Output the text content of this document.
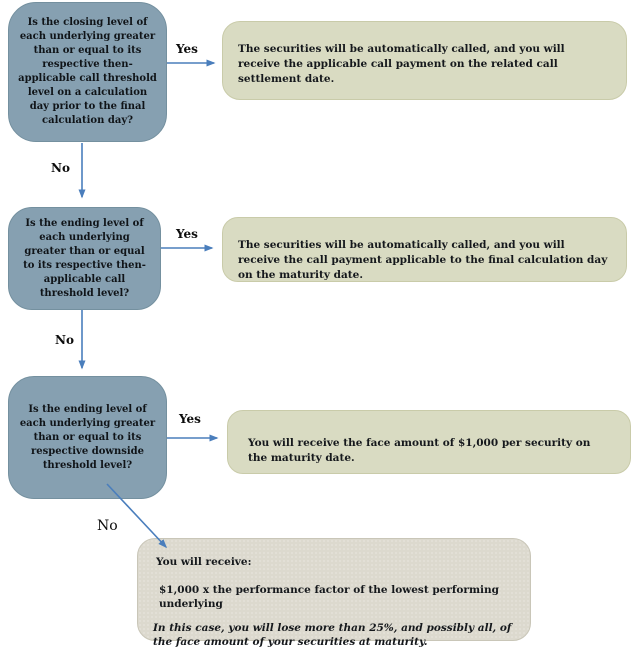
Is the closing level of each underlying greater than or equal to its respective then-applicable call threshold level on a calculation day prior to the final calculation day?
Is the ending level of each underlying greater than or equal to its respective then-applicable call threshold level?
Is the ending level of each underlying greater than or equal to its respective downside threshold level?
The securities will be automatically called, and you will receive the applicable call payment on the related call settlement date.
The securities will be automatically called, and you will receive the call payment applicable to the final calculation day on the maturity date.
You will receive the face amount of $1,000 per security on the maturity date.

You will receive:

$1,000 x the performance factor of the lowest performing underlying

In this case, you will lose more than 25%, and possibly all, of the face amount of your securities at maturity.

Yes
No
Yes
No
Yes
No
